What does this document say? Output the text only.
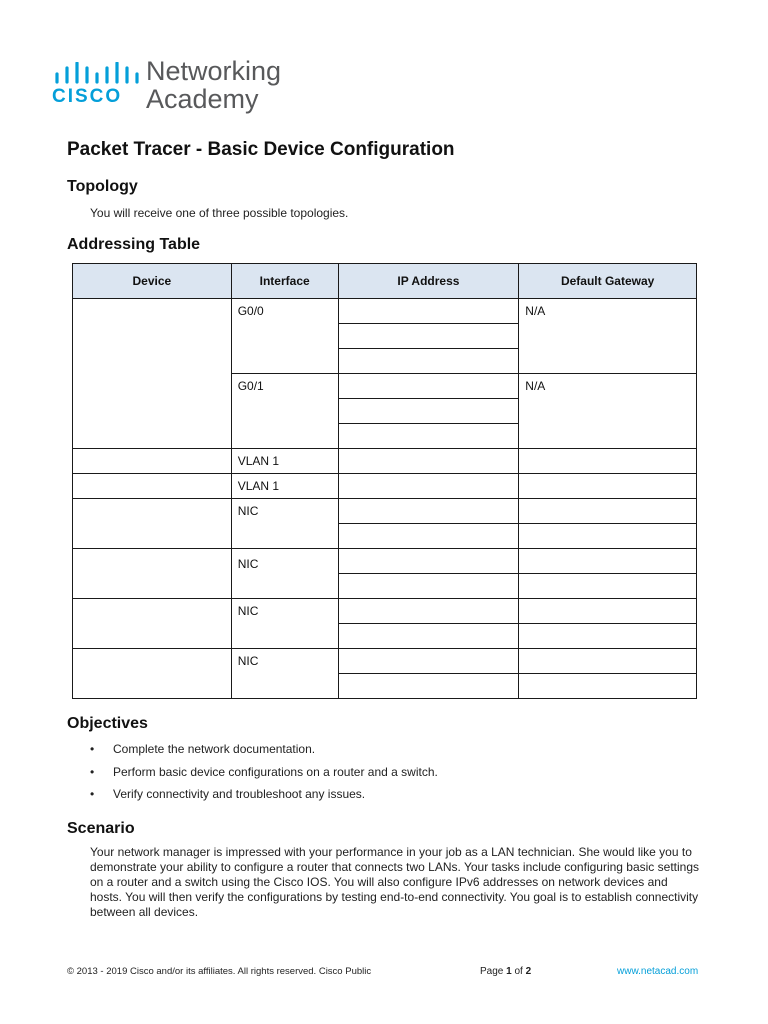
CISCO
Networking
Academy
Packet Tracer - Basic Device Configuration
Topology

You will receive one of three possible topologies.

Addressing Table
Device	Interface	IP Address	Default Gateway
	G0/0		N/A

	G0/1		N/A

	VLAN 1		
	VLAN 1		
	NIC		

	NIC		

	NIC		

	NIC		

Objectives
• Complete the network documentation.
• Perform basic device configurations on a router and a switch.
• Verify connectivity and troubleshoot any issues.
Scenario

Your network manager is impressed with your performance in your job as a LAN technician. She would like you to demonstrate your ability to configure a router that connects two LANs. Your tasks include configuring basic settings on a router and a switch using the Cisco IOS. You will also configure IPv6 addresses on network devices and hosts. You will then verify the configurations by testing end-to-end connectivity. You goal is to establish connectivity between all devices.

© 2013 - 2019 Cisco and/or its affiliates. All rights reserved. Cisco Public	Page 1 of 2	www.netacad.com
